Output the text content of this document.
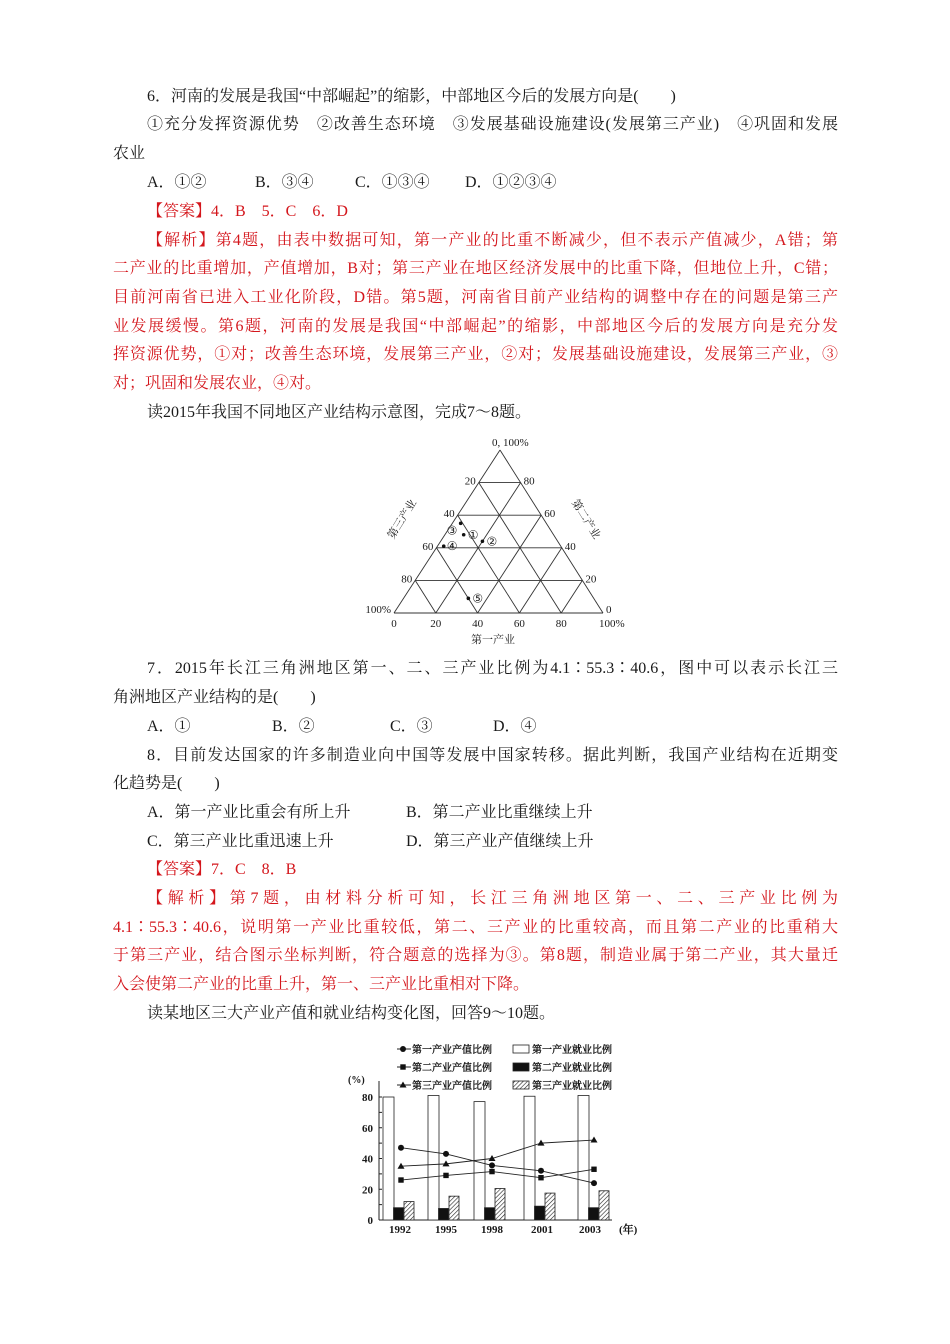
6．河南的发展是我国“中部崛起”的缩影，中部地区今后的发展方向是(　　)
①充分发挥资源优势　②改善生态环境　③发展基础设施建设(发展第三产业)　④巩固和发展
农业
A．①②	B．③④	C．①③④ D．①②③④
【答案】4．B　5．C　6．D
【解析】第4题，由表中数据可知，第一产业的比重不断减少，但不表示产值减少，A错；第
二产业的比重增加，产值增加，B对；第三产业在地区经济发展中的比重下降，但地位上升，C错；
目前河南省已进入工业化阶段，D错。第5题，河南省目前产业结构的调整中存在的问题是第三产
业发展缓慢。第6题，河南的发展是我国“中部崛起”的缩影，中部地区今后的发展方向是充分发
挥资源优势，①对；改善生态环境，发展第三产业，②对；发展基础设施建设，发展第三产业，③
对；巩固和发展农业，④对。
读2015年我国不同地区产业结构示意图，完成7～8题。
① ②
③
④
⑤
0, 100%
20
40
60
80
100%
80
60
40
20
0
0	20	40	60	80	100%
第三产业	第二产业
第一产业
7．2015年长江三角洲地区第一、二、三产业比例为4.1∶55.3∶40.6，图中可以表示长江三
角洲地区产业结构的是(　　)
A．①	B．②	C．③	D．④
8．目前发达国家的许多制造业向中国等发展中国家转移。据此判断，我国产业结构在近期变
化趋势是(　　)
A．第一产业比重会有所上升	B．第二产业比重继续上升
C．第三产业比重迅速上升	D．第三产业产值继续上升
【答案】7．C　8．B
【解析】第7题，由材料分析可知，长江三角洲地区第一、二、三产业比例为
4.1∶55.3∶40.6，说明第一产业比重较低，第二、三产业的比重较高，而且第二产业的比重稍大
于第三产业，结合图示坐标判断，符合题意的选择为③。第8题，制造业属于第二产业，其大量迁
入会使第二产业的比重上升，第一、三产业比重相对下降。
读某地区三大产业产值和就业结构变化图，回答9～10题。
第一产业产值比例
第二产业产值比例
第三产业产值比例
第一产业就业比例
第二产业就业比例
第三产业就业比例
(%)
(年)
0
20
40
60
80
1992 1995 1998	2001 2003
